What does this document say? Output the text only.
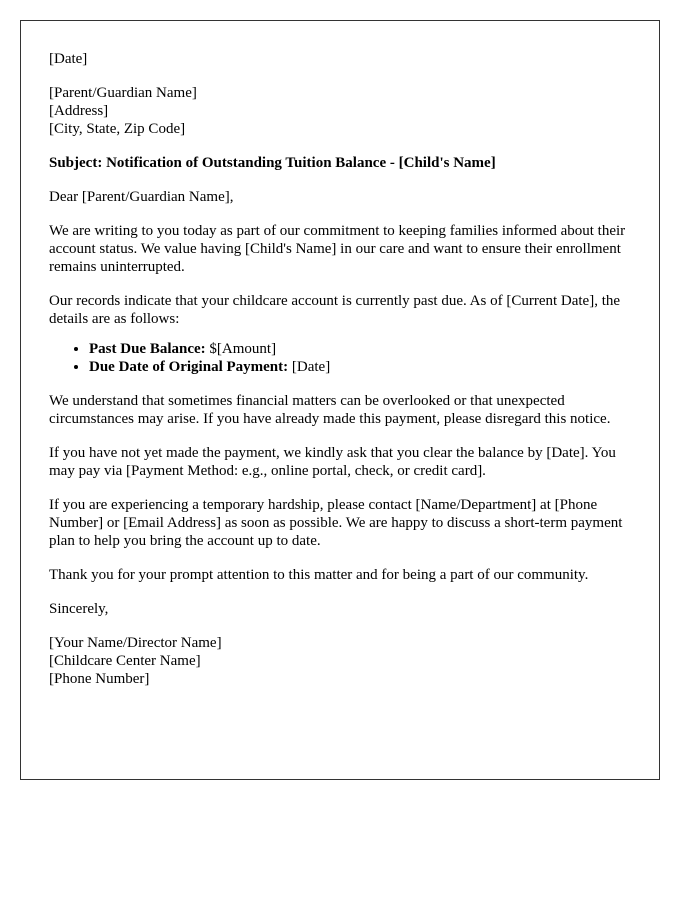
[Date]
[Parent/Guardian Name]
[Address]
[City, State, Zip Code]

Subject: Notification of Outstanding Tuition Balance - [Child's Name]

Dear [Parent/Guardian Name],

We are writing to you today as part of our commitment to keeping families informed about their account status. We value having [Child's Name] in our care and want to ensure their enrollment remains uninterrupted.

Our records indicate that your childcare account is currently past due. As of [Current Date], the details are as follows:

• Past Due Balance: $[Amount]
• Due Date of Original Payment: [Date]

We understand that sometimes financial matters can be overlooked or that unexpected circumstances may arise. If you have already made this payment, please disregard this notice.

If you have not yet made the payment, we kindly ask that you clear the balance by [Date]. You may pay via [Payment Method: e.g., online portal, check, or credit card].

If you are experiencing a temporary hardship, please contact [Name/Department] at [Phone Number] or [Email Address] as soon as possible. We are happy to discuss a short-term payment plan to help you bring the account up to date.

Thank you for your prompt attention to this matter and for being a part of our community.

Sincerely,

[Your Name/Director Name]
[Childcare Center Name]
[Phone Number]
